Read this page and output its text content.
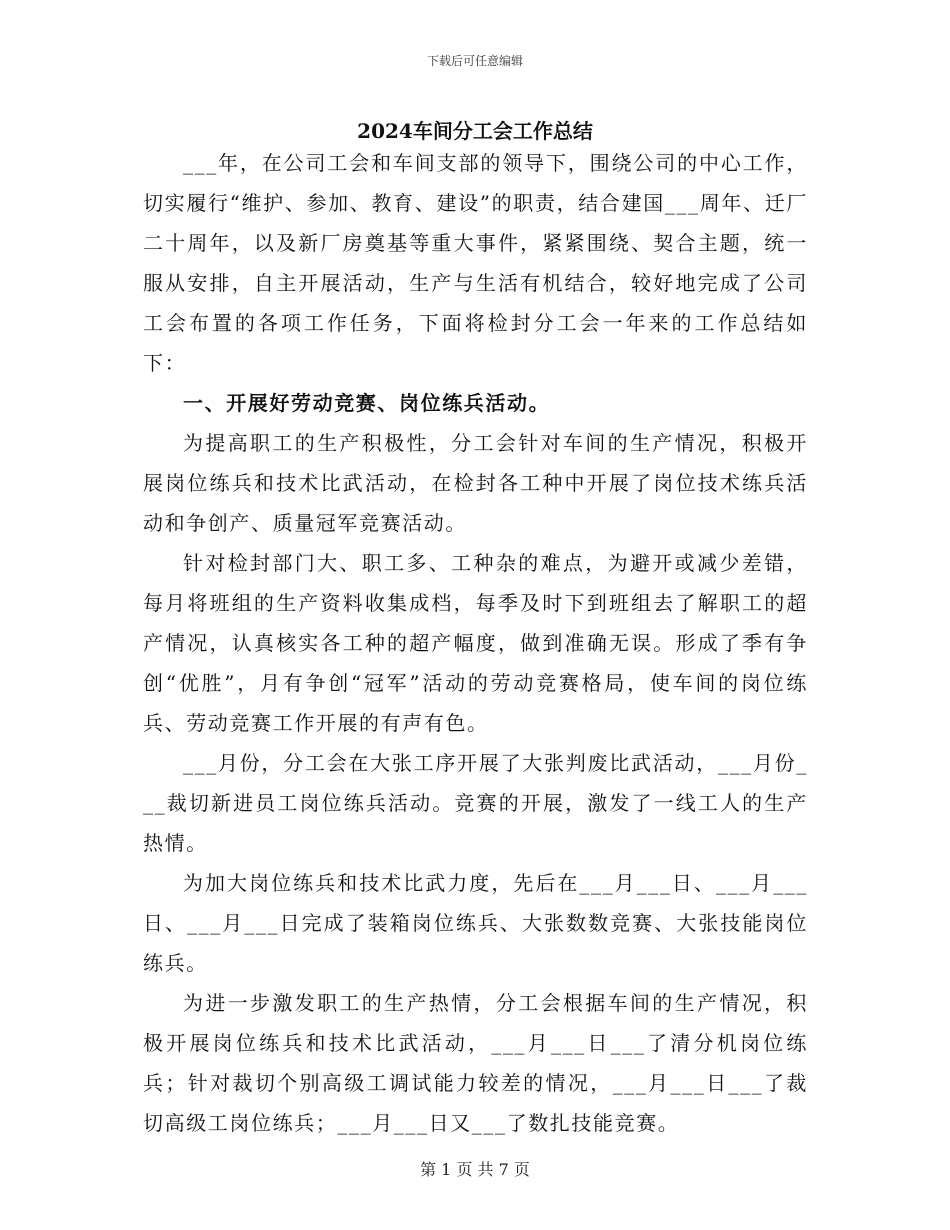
下载后可任意编辑
2024车间分工会工作总结

___年，在公司工会和车间支部的领导下，围绕公司的中心工作，切实履行“维护、参加、教育、建设”的职责，结合建国___周年、迁厂二十周年，以及新厂房奠基等重大事件，紧紧围绕、契合主题，统一服从安排，自主开展活动，生产与生活有机结合，较好地完成了公司工会布置的各项工作任务，下面将检封分工会一年来的工作总结如下：

一、开展好劳动竞赛、岗位练兵活动。

为提高职工的生产积极性，分工会针对车间的生产情况，积极开展岗位练兵和技术比武活动，在检封各工种中开展了岗位技术练兵活动和争创产、质量冠军竞赛活动。

针对检封部门大、职工多、工种杂的难点，为避开或减少差错，每月将班组的生产资料收集成档，每季及时下到班组去了解职工的超产情况，认真核实各工种的超产幅度，做到准确无误。形成了季有争创“优胜”，月有争创“冠军”活动的劳动竞赛格局，使车间的岗位练兵、劳动竞赛工作开展的有声有色。

___月份，分工会在大张工序开展了大张判废比武活动，___月份___裁切新进员工岗位练兵活动。竞赛的开展，激发了一线工人的生产热情。

为加大岗位练兵和技术比武力度，先后在___月___日、___月___日、___月___日完成了装箱岗位练兵、大张数数竞赛、大张技能岗位练兵。

为进一步激发职工的生产热情，分工会根据车间的生产情况，积极开展岗位练兵和技术比武活动，___月___日___了清分机岗位练兵；针对裁切个别高级工调试能力较差的情况，___月___日___了裁切高级工岗位练兵；___月___日又___了数扎技能竞赛。

第 1 页 共 7 页
